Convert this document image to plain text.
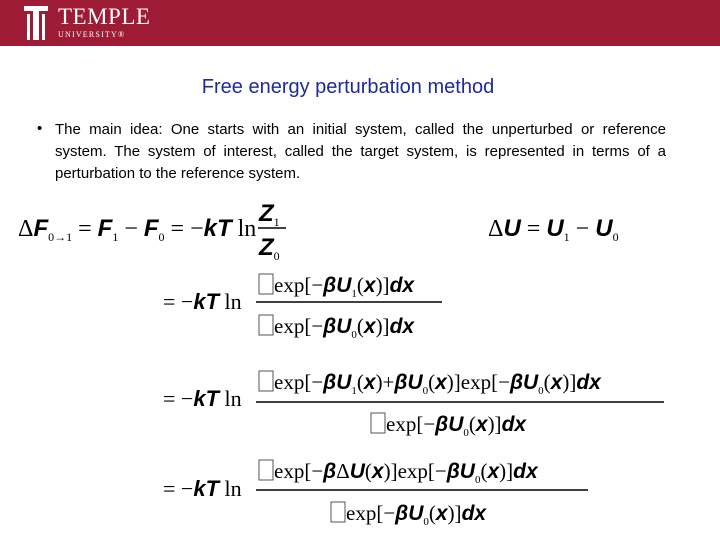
TEMPLE
UNIVERSITY®
Free energy perturbation method
• The main idea: One starts with an initial system, called the unperturbed or reference system. The system of interest, called the target system, is represented in terms of a perturbation to the reference system.
$\Delta F_{0\to 1} = F_1 - F_0 = -kT$ ln
$Z_1$
$Z_0$
$\Delta U = U_1 - U_0$
= −kT ln
$\exp[-\beta U_1(x)]dx$
$\exp[-\beta U_0(x)]dx$
= −kT ln
$\exp[-\beta U_1(x)+\beta U_0(x)]\exp[-\beta U_0(x)]dx$
$\exp[-\beta U_0(x)]dx$
= −kT ln
$\exp[-\beta\Delta U(x)]\exp[-\beta U_0(x)]dx$
$\exp[-\beta U_0(x)]dx$
